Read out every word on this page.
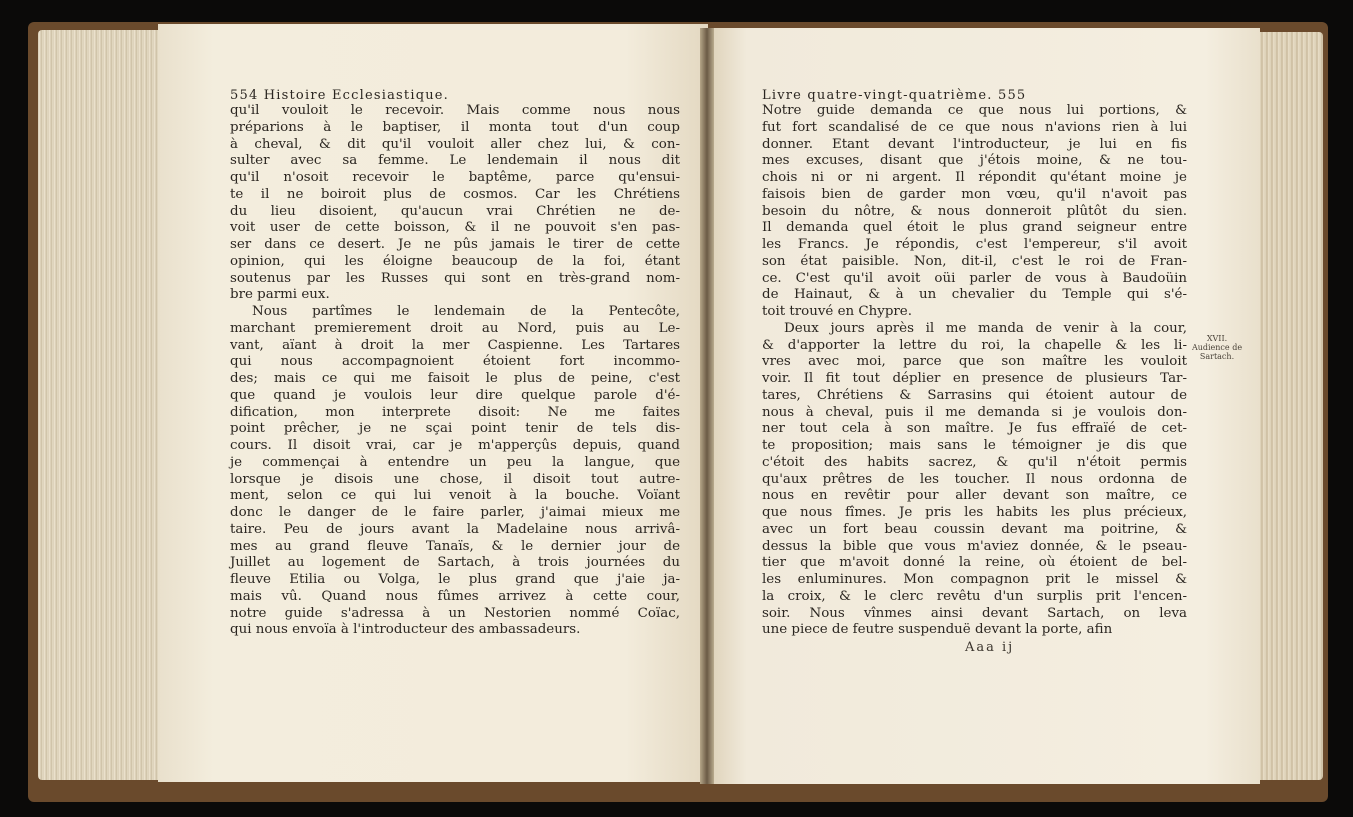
554 Histoire Ecclesiastique.
qu'il vouloit le recevoir. Mais comme nous nous
préparions à le baptiser, il monta tout d'un coup
à cheval, & dit qu'il vouloit aller chez lui, & con-
sulter avec sa femme. Le lendemain il nous dit
qu'il n'osoit recevoir le baptême, parce qu'ensui-
te il ne boiroit plus de cosmos. Car les Chrétiens
du lieu disoient, qu'aucun vrai Chrétien ne de-
voit user de cette boisson, & il ne pouvoit s'en pas-
ser dans ce desert. Je ne pûs jamais le tirer de cette
opinion, qui les éloigne beaucoup de la foi, étant
soutenus par les Russes qui sont en très-grand nom-
bre parmi eux.
Nous partîmes le lendemain de la Pentecôte,
marchant premierement droit au Nord, puis au Le-
vant, aïant à droit la mer Caspienne. Les Tartares
qui nous accompagnoient étoient fort incommo-
des; mais ce qui me faisoit le plus de peine, c'est
que quand je voulois leur dire quelque parole d'é-
dification, mon interprete disoit: Ne me faites
point prêcher, je ne sçai point tenir de tels dis-
cours. Il disoit vrai, car je m'apperçûs depuis, quand
je commençai à entendre un peu la langue, que
lorsque je disois une chose, il disoit tout autre-
ment, selon ce qui lui venoit à la bouche. Voïant
donc le danger de le faire parler, j'aimai mieux me
taire. Peu de jours avant la Madelaine nous arrivâ-
mes au grand fleuve Tanaïs, & le dernier jour de
Juillet au logement de Sartach, à trois journées du
fleuve Etilia ou Volga, le plus grand que j'aie ja-
mais vû. Quand nous fûmes arrivez à cette cour,
notre guide s'adressa à un Nestorien nommé Coïac,
qui nous envoïa à l'introducteur des ambassadeurs.
Livre quatre-vingt-quatrième. 555
Notre guide demanda ce que nous lui portions, &
fut fort scandalisé de ce que nous n'avions rien à lui
donner. Etant devant l'introducteur, je lui en fis
mes excuses, disant que j'étois moine, & ne tou-
chois ni or ni argent. Il répondit qu'étant moine je
faisois bien de garder mon vœu, qu'il n'avoit pas
besoin du nôtre, & nous donneroit plûtôt du sien.
Il demanda quel étoit le plus grand seigneur entre
les Francs. Je répondis, c'est l'empereur, s'il avoit
son état paisible. Non, dit-il, c'est le roi de Fran-
ce. C'est qu'il avoit oüi parler de vous à Baudoüin
de Hainaut, & à un chevalier du Temple qui s'é-
toit trouvé en Chypre.
Deux jours après il me manda de venir à la cour,
& d'apporter la lettre du roi, la chapelle & les li-
vres avec moi, parce que son maître les vouloit
voir. Il fit tout déplier en presence de plusieurs Tar-
tares, Chrétiens & Sarrasins qui étoient autour de
nous à cheval, puis il me demanda si je voulois don-
ner tout cela à son maître. Je fus effraïé de cet-
te proposition; mais sans le témoigner je dis que
c'étoit des habits sacrez, & qu'il n'étoit permis
qu'aux prêtres de les toucher. Il nous ordonna de
nous en revêtir pour aller devant son maître, ce
que nous fîmes. Je pris les habits les plus précieux,
avec un fort beau coussin devant ma poitrine, &
dessus la bible que vous m'aviez donnée, & le pseau-
tier que m'avoit donné la reine, où étoient de bel-
les enluminures. Mon compagnon prit le missel &
la croix, & le clerc revêtu d'un surplis prit l'encen-
soir. Nous vînmes ainsi devant Sartach, on leva
une piece de feutre suspenduë devant la porte, afin
XVII. Audience de Sartach.
Aaa ij
